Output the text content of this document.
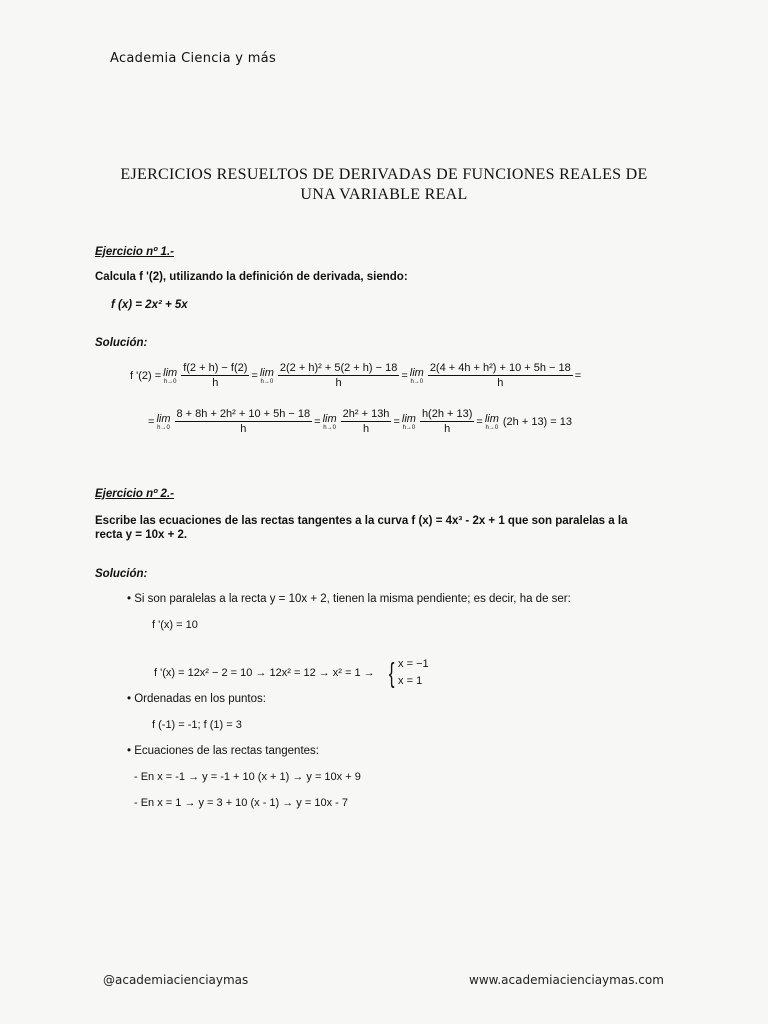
Academia Ciencia y más
EJERCICIOS RESUELTOS DE DERIVADAS DE FUNCIONES REALES DE
UNA VARIABLE REAL
Ejercicio nº 1.-
Calcula f '(2), utilizando la definición de derivada, siendo:
f (x) = 2x² + 5x
Solución:
f '(2) = lim
$h\to 0 \frac{f(2 + h) - f(2)}{h} = \lim$
$h\to 0 \frac{\text{2(2 + h)² + 5(2 + h) − 18}}{h} = \lim$
$h\to 0 \frac{\text{2(4 + 4h + h²) + 10 + 5h − 18}}{h}$ =
= lim
$h\to 0 \frac{\text{8 + 8h + 2h² + 10 + 5h − 18}}{h} = \lim$
$h\to 0 \frac{\text{2h² + 13h}}{h} = \lim$
$h\to 0 \frac{h(2h + 13)}{h} = \lim$
h→0 (2h + 13) = 13
Ejercicio nº 2.-
Escribe las ecuaciones de las rectas tangentes a la curva f (x) = 4x³ - 2x + 1 que son paralelas a la
recta y = 10x + 2.
Solución:
• Si son paralelas a la recta y = 10x + 2, tienen la misma pendiente; es decir, ha de ser:
f '(x) = 10
f '(x) = 12x² − 2 = 10 → 12x² = 12 → x² = 1 → { x = −1
x = 1
• Ordenadas en los puntos:
f (-1) = -1; f (1) = 3
• Ecuaciones de las rectas tangentes:
- En x = -1 → y = -1 + 10 (x + 1) → y = 10x + 9
- En x = 1 → y = 3 + 10 (x - 1) → y = 10x - 7
@academiacienciaymas	www.academiacienciaymas.com
